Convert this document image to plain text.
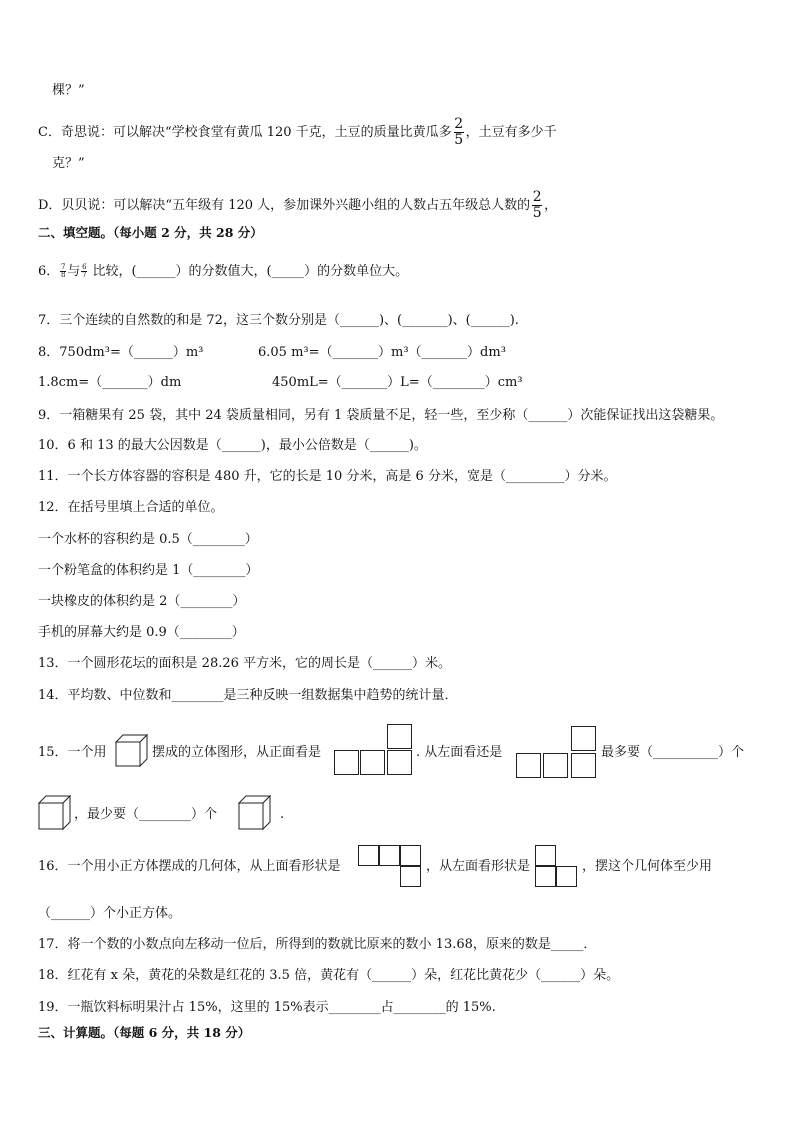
棵？”
C．奇思说：可以解决“学校食堂有黄瓜 120 千克，土豆的质量比黄瓜多 $\frac{2}{5}$ ，土豆有多少千
克？”
D．贝贝说：可以解决“五年级有 120 人，参加课外兴趣小组的人数占五年级总人数的 $\frac{2}{5}$ ，
二、填空题。（每小题 2 分，共 28 分）
6． $\frac{7}{8}$ 与 $\frac{6}{7}$ 比较，(______）的分数值大，(_____）的分数单位大。
7．三个连续的自然数的和是 72，这三个数分别是（______)、(_______)、(______).
8．750dm³=（______）m³	6.05 m³=（_______）m³（_______）dm³
1.8cm=（_______）dm	450mL=（_______）L=（________）cm³
9．一箱糖果有 25 袋，其中 24 袋质量相同，另有 1 袋质量不足，轻一些，至少称（______）次能保证找出这袋糖果。
10．6 和 13 的最大公因数是（______)，最小公倍数是（______)。
11．一个长方体容器的容积是 480 升，它的长是 10 分米，高是 6 分米，宽是（_________）分米。
12．在括号里填上合适的单位。
一个水杯的容积约是 0.5（________）
一个粉笔盒的体积约是 1（________）
一块橡皮的体积约是 2（________）
手机的屏幕大约是 0.9（________）
13．一个圆形花坛的面积是 28.26 平方米，它的周长是（______）米。
14．平均数、中位数和________是三种反映一组数据集中趋势的统计量．
15．一个用	摆成的立体图形，从正面看是	. 从左面看还是	最多要（__________）个
，最少要（________）个	.
16．一个用小正方体摆成的几何体，从上面看形状是	，从左面看形状是	，摆这个几何体至少用
（______）个小正方体。
17．将一个数的小数点向左移动一位后，所得到的数就比原来的数小 13.68，原来的数是_____．
18．红花有 x 朵，黄花的朵数是红花的 3.5 倍，黄花有（______）朵，红花比黄花少（______）朵。
19．一瓶饮料标明果汁占 15%，这里的 15%表示________占________的 15%.
三、计算题。（每题 6 分，共 18 分）
